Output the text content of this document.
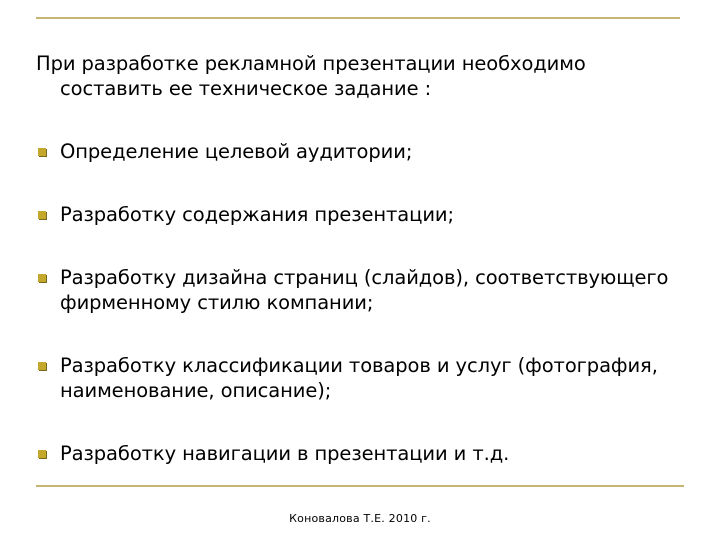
При разработке рекламной презентации необходимо составить ее техническое задание :

Определение целевой аудитории;
Разработку содержания презентации;
Разработку дизайна страниц (слайдов), соответствующего фирменному стилю компании;
Разработку классификации товаров и услуг (фотография, наименование, описание);
Разработку навигации в презентации и т.д.
Коновалова Т.Е. 2010 г.
